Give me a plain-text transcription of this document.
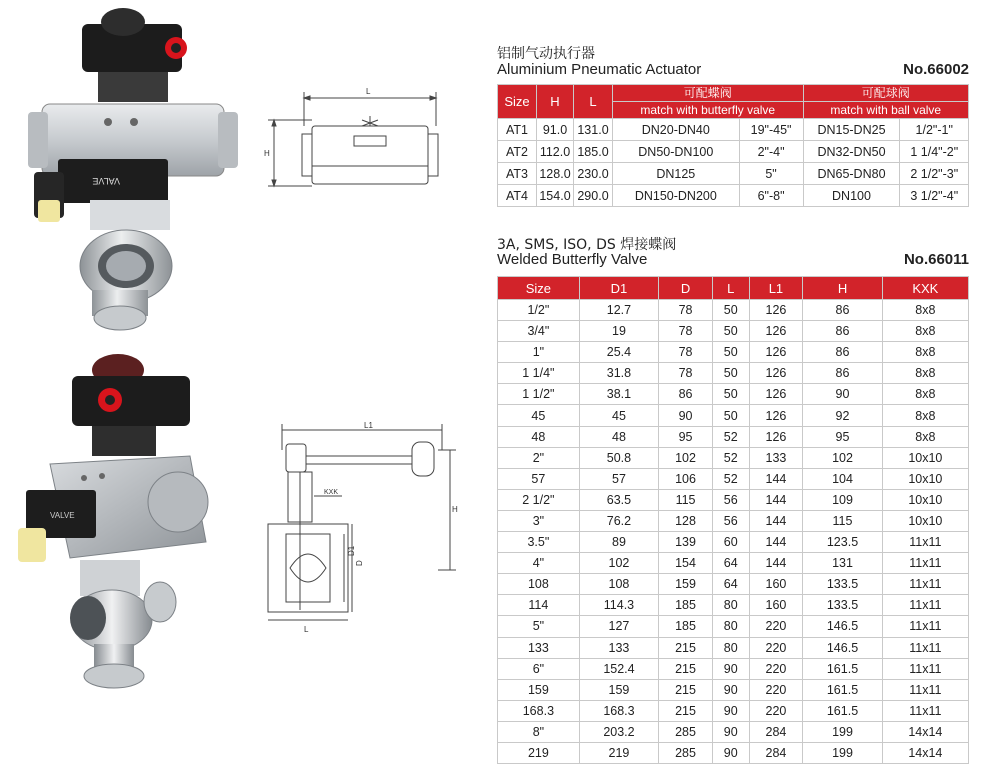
VALVE
VALVE
L
H
L1
KXK
H
D1
D
L
铝制气动执行器
Aluminium Pneumatic Actuator	No.66002
Size	H	L	可配蝶阀		可配球阀	
			match with butterfly valve		match with ball valve	
AT1	91.0	131.0	DN20-DN40	19"-45"	DN15-DN25	1/2"-1"
AT2	112.0	185.0	DN50-DN100	2"-4"	DN32-DN50	1 1/4"-2"
AT3	128.0	230.0	DN125	5"	DN65-DN80	2 1/2"-3"
AT4	154.0	290.0	DN150-DN200	6"-8"	DN100	3 1/2"-4"
3A, SMS, ISO, DS 焊接蝶阀
Welded Butterfly Valve	No.66011
Size	D1	D	L	L1	H	KXK
1/2"	12.7	78	50	126	86	8x8
3/4"	19	78	50	126	86	8x8
1"	25.4	78	50	126	86	8x8
1 1/4"	31.8	78	50	126	86	8x8
1 1/2"	38.1	86	50	126	90	8x8
45	45	90	50	126	92	8x8
48	48	95	52	126	95	8x8
2"	50.8	102	52	133	102	10x10
57	57	106	52	144	104	10x10
2 1/2"	63.5	115	56	144	109	10x10
3"	76.2	128	56	144	115	10x10
3.5"	89	139	60	144	123.5	11x11
4"	102	154	64	144	131	11x11
108	108	159	64	160	133.5	11x11
114	114.3	185	80	160	133.5	11x11
5"	127	185	80	220	146.5	11x11
133	133	215	80	220	146.5	11x11
6"	152.4	215	90	220	161.5	11x11
159	159	215	90	220	161.5	11x11
168.3	168.3	215	90	220	161.5	11x11
8"	203.2	285	90	284	199	14x14
219	219	285	90	284	199	14x14
